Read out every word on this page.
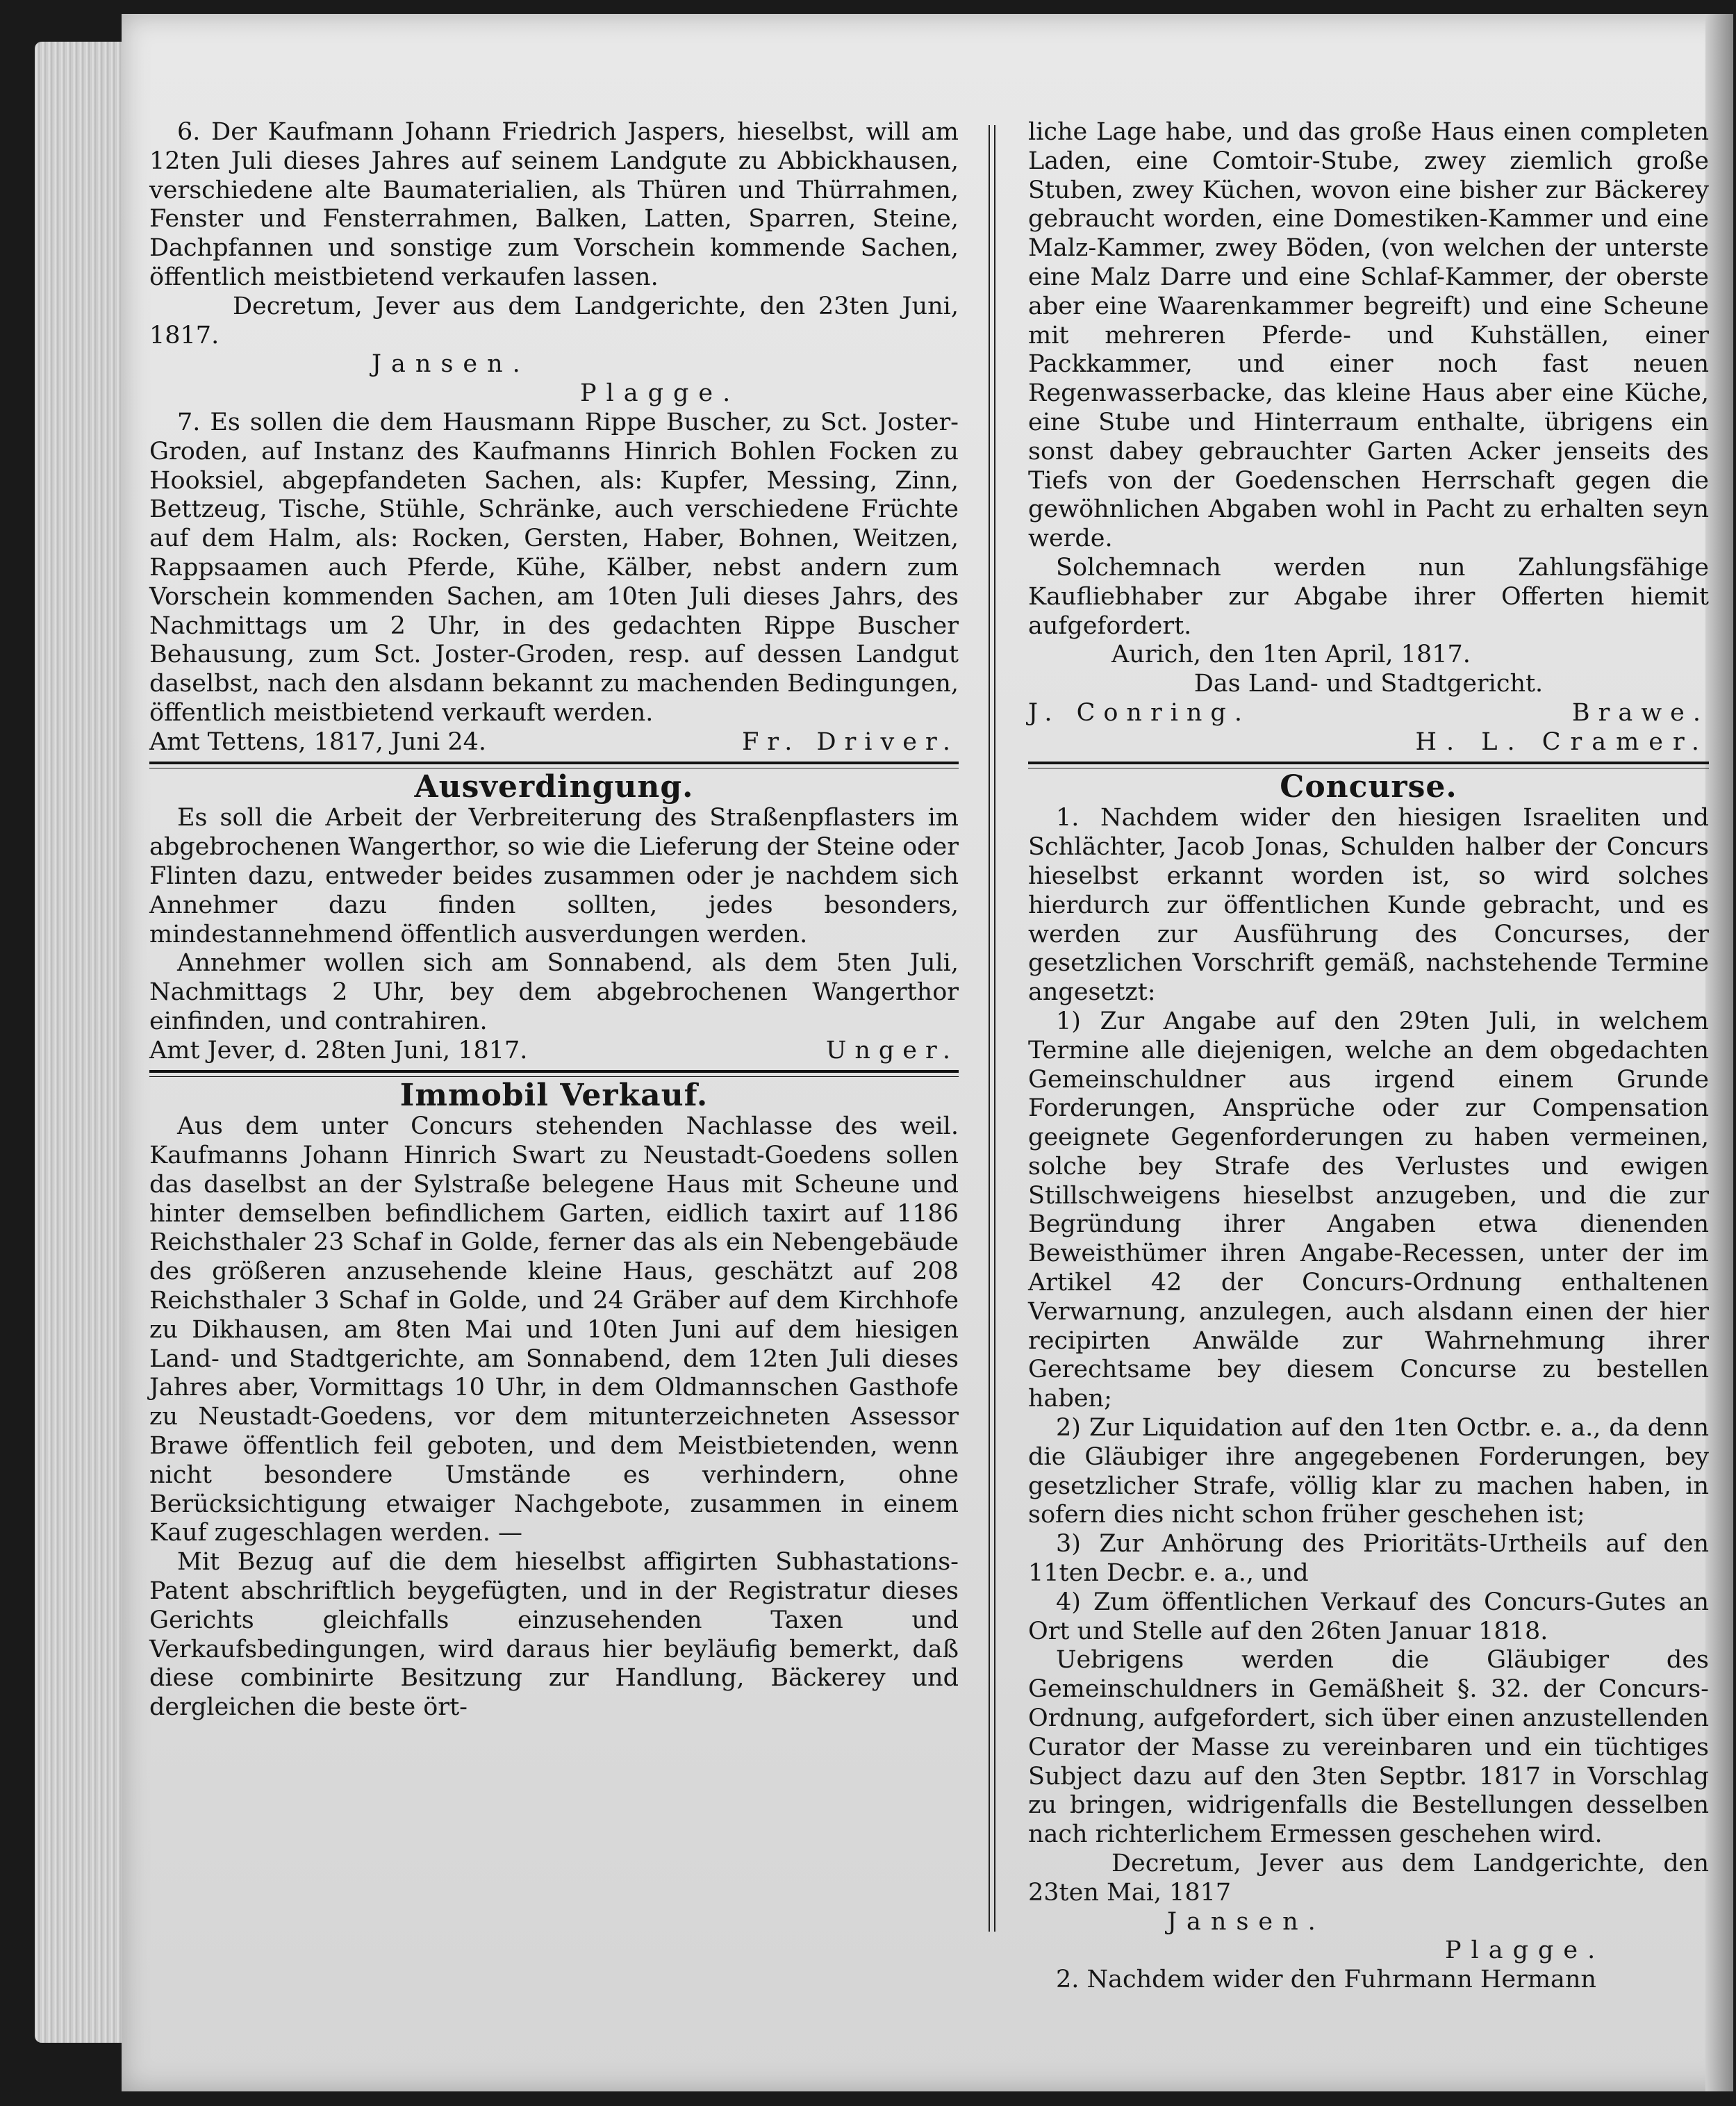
6. Der Kaufmann Johann Friedrich Jaspers, hieselbst, will am 12ten Juli dieses Jahres auf seinem Landgute zu Abbickhausen, verschiedene alte Baumaterialien, als Thüren und Thürrahmen, Fenster und Fensterrahmen, Balken, Latten, Sparren, Steine, Dachpfannen und sonstige zum Vorschein kommende Sachen, öffentlich meistbietend verkaufen lassen.

Decretum, Jever aus dem Landgerichte, den 23ten Juni, 1817.

Jansen.

Plagge.

7. Es sollen die dem Hausmann Rippe Buscher, zu Sct. Joster-Groden, auf Instanz des Kaufmanns Hinrich Bohlen Focken zu Hooksiel, abgepfandeten Sachen, als: Kupfer, Messing, Zinn, Bettzeug, Tische, Stühle, Schränke, auch verschiedene Früchte auf dem Halm, als: Rocken, Gersten, Haber, Bohnen, Weitzen, Rappsaamen auch Pferde, Kühe, Kälber, nebst andern zum Vorschein kommenden Sachen, am 10ten Juli dieses Jahrs, des Nachmittags um 2 Uhr, in des gedachten Rippe Buscher Behausung, zum Sct. Joster-Groden, resp. auf dessen Landgut daselbst, nach den alsdann bekannt zu machenden Bedingungen, öffentlich meistbietend verkauft werden.

Amt Tettens, 1817, Juni 24.	Fr. Driver.
Ausverdingung.

Es soll die Arbeit der Verbreiterung des Straßenpflasters im abgebrochenen Wangerthor, so wie die Lieferung der Steine oder Flinten dazu, entweder beides zusammen oder je nachdem sich Annehmer dazu finden sollten, jedes besonders, mindestannehmend öffentlich ausverdungen werden.

Annehmer wollen sich am Sonnabend, als dem 5ten Juli, Nachmittags 2 Uhr, bey dem abgebrochenen Wangerthor einfinden, und contrahiren.

Amt Jever, d. 28ten Juni, 1817.	Unger.
Immobil Verkauf.

Aus dem unter Concurs stehenden Nachlasse des weil. Kaufmanns Johann Hinrich Swart zu Neustadt-Goedens sollen das daselbst an der Sylstraße belegene Haus mit Scheune und hinter demselben befindlichem Garten, eidlich taxirt auf 1186 Reichsthaler 23 Schaf in Golde, ferner das als ein Nebengebäude des größeren anzusehende kleine Haus, geschätzt auf 208 Reichsthaler 3 Schaf in Golde, und 24 Gräber auf dem Kirchhofe zu Dikhausen, am 8ten Mai und 10ten Juni auf dem hiesigen Land- und Stadtgerichte, am Sonnabend, dem 12ten Juli dieses Jahres aber, Vormittags 10 Uhr, in dem Oldmannschen Gasthofe zu Neustadt-Goedens, vor dem mitunterzeichneten Assessor Brawe öffentlich feil geboten, und dem Meistbietenden, wenn nicht besondere Umstände es verhindern, ohne Berücksichtigung etwaiger Nachgebote, zusammen in einem Kauf zugeschlagen werden. —

Mit Bezug auf die dem hieselbst affigirten Subhastations-Patent abschriftlich beygefügten, und in der Registratur dieses Gerichts gleichfalls einzusehenden Taxen und Verkaufsbedingungen, wird daraus hier beyläufig bemerkt, daß diese combinirte Besitzung zur Handlung, Bäckerey und dergleichen die beste ört-

liche Lage habe, und das große Haus einen completen Laden, eine Comtoir-Stube, zwey ziemlich große Stuben, zwey Küchen, wovon eine bisher zur Bäckerey gebraucht worden, eine Domestiken-Kammer und eine Malz-Kammer, zwey Böden, (von welchen der unterste eine Malz Darre und eine Schlaf-Kammer, der oberste aber eine Waarenkammer begreift) und eine Scheune mit mehreren Pferde- und Kuhställen, einer Packkammer, und einer noch fast neuen Regenwasserbacke, das kleine Haus aber eine Küche, eine Stube und Hinterraum enthalte, übrigens ein sonst dabey gebrauchter Garten Acker jenseits des Tiefs von der Goedenschen Herrschaft gegen die gewöhnlichen Abgaben wohl in Pacht zu erhalten seyn werde.

Solchemnach werden nun Zahlungsfähige Kaufliebhaber zur Abgabe ihrer Offerten hiemit aufgefordert.

Aurich, den 1ten April, 1817.

Das Land- und Stadtgericht.

J. Conring.	Brawe.

H. L. Cramer.

Concurse.

1. Nachdem wider den hiesigen Israeliten und Schlächter, Jacob Jonas, Schulden halber der Concurs hieselbst erkannt worden ist, so wird solches hierdurch zur öffentlichen Kunde gebracht, und es werden zur Ausführung des Concurses, der gesetzlichen Vorschrift gemäß, nachstehende Termine angesetzt:

1) Zur Angabe auf den 29ten Juli, in welchem Termine alle diejenigen, welche an dem obgedachten Gemeinschuldner aus irgend einem Grunde Forderungen, Ansprüche oder zur Compensation geeignete Gegenforderungen zu haben vermeinen, solche bey Strafe des Verlustes und ewigen Stillschweigens hieselbst anzugeben, und die zur Begründung ihrer Angaben etwa dienenden Beweisthümer ihren Angabe-Recessen, unter der im Artikel 42 der Concurs-Ordnung enthaltenen Verwarnung, anzulegen, auch alsdann einen der hier recipirten Anwälde zur Wahrnehmung ihrer Gerechtsame bey diesem Concurse zu bestellen haben;

2) Zur Liquidation auf den 1ten Octbr. e. a., da denn die Gläubiger ihre angegebenen Forderungen, bey gesetzlicher Strafe, völlig klar zu machen haben, in sofern dies nicht schon früher geschehen ist;

3) Zur Anhörung des Prioritäts-Urtheils auf den 11ten Decbr. e. a., und

4) Zum öffentlichen Verkauf des Concurs-Gutes an Ort und Stelle auf den 26ten Januar 1818.

Uebrigens werden die Gläubiger des Gemeinschuldners in Gemäßheit §. 32. der Concurs-Ordnung, aufgefordert, sich über einen anzustellenden Curator der Masse zu vereinbaren und ein tüchtiges Subject dazu auf den 3ten Septbr. 1817 in Vorschlag zu bringen, widrigenfalls die Bestellungen desselben nach richterlichem Ermessen geschehen wird.

Decretum, Jever aus dem Landgerichte, den 23ten Mai, 1817

Jansen.

Plagge.

2. Nachdem wider den Fuhrmann Hermann
